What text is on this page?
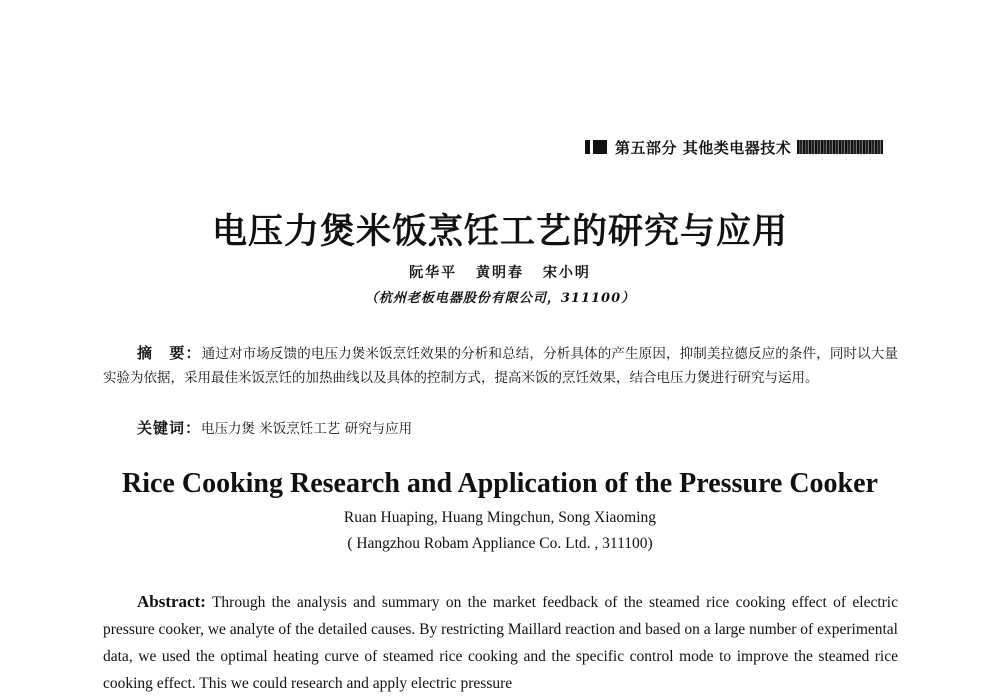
第五部分 其他类电器技术
电压力煲米饭烹饪工艺的研究与应用
阮华平 黄明春 宋小明
（杭州老板电器股份有限公司，311100）
摘　要：通过对市场反馈的电压力煲米饭烹饪效果的分析和总结，分析具体的产生原因，抑制美拉德反应的条件，同时以大量实验为依据，采用最佳米饭烹饪的加热曲线以及具体的控制方式，提高米饭的烹饪效果，结合电压力煲进行研究与运用。
关键词：电压力煲 米饭烹饪工艺 研究与应用
Rice Cooking Research and Application of the Pressure Cooker
Ruan Huaping, Huang Mingchun, Song Xiaoming
( Hangzhou Robam Appliance Co. Ltd. , 311100)
Abstract: Through the analysis and summary on the market feedback of the steamed rice cooking effect of electric pressure cooker, we analyte of the detailed causes. By restricting Maillard reaction and based on a large number of experimental data, we used the optimal heating curve of steamed rice cooking and the specific control mode to improve the steamed rice cooking effect. This we could research and apply electric pressure
